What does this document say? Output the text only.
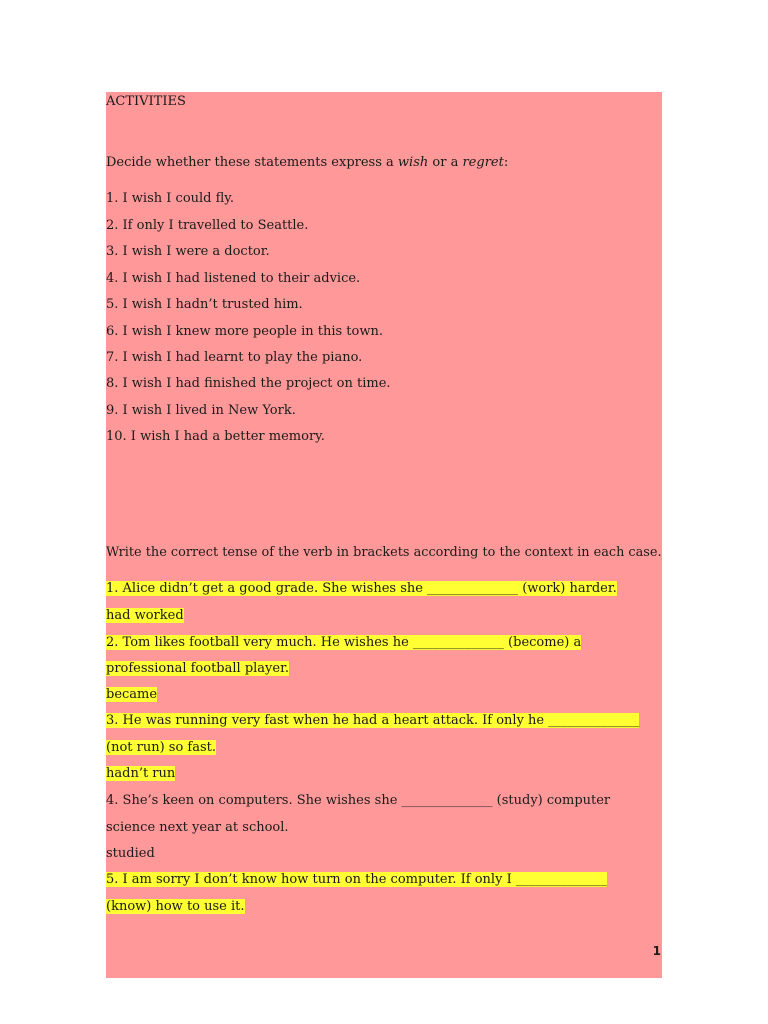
ACTIVITIES
Decide whether these statements express a wish or a regret:
1. I wish I could fly.
2. If only I travelled to Seattle.
3. I wish I were a doctor.
4. I wish I had listened to their advice.
5. I wish I hadn’t trusted him.
6. I wish I knew more people in this town.
7. I wish I had learnt to play the piano.
8. I wish I had finished the project on time.
9. I wish I lived in New York.
10. I wish I had a better memory.
Write the correct tense of the verb in brackets according to the context in each case.
1. Alice didn’t get a good grade. She wishes she ______________ (work) harder.
had worked
2. Tom likes football very much. He wishes he ______________ (become) a
professional football player.
became
3. He was running very fast when he had a heart attack. If only he ______________
(not run) so fast.
hadn’t run
4. She’s keen on computers. She wishes she ______________ (study) computer
science next year at school.
studied
5. I am sorry I don’t know how turn on the computer. If only I ______________
(know) how to use it.
1
